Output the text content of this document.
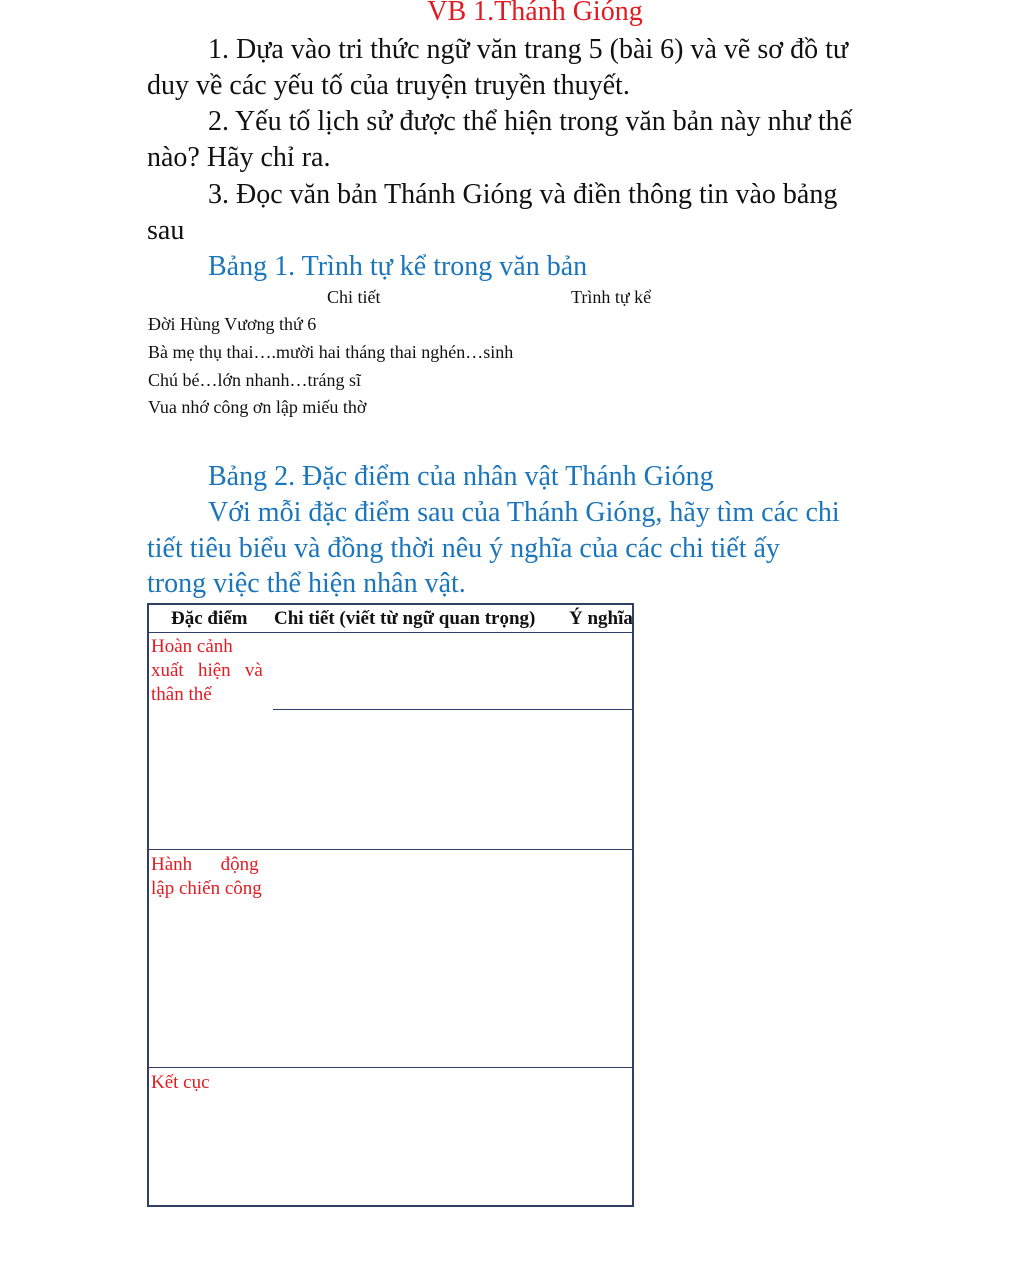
VB 1.Thánh Gióng
1. Dựa vào tri thức ngữ văn trang 5 (bài 6) và vẽ sơ đồ tư
duy về các yếu tố của truyện truyền thuyết.
2. Yếu tố lịch sử được thể hiện trong văn bản này như thế
nào? Hãy chỉ ra.
3. Đọc văn bản Thánh Gióng và điền thông tin vào bảng
sau
Bảng 1. Trình tự kể trong văn bản
Chi tiết	Trình tự kể
Đời Hùng Vương thứ 6
Bà mẹ thụ thai….mười hai tháng thai nghén…sinh
Chú bé…lớn nhanh…tráng sĩ
Vua nhớ công ơn lập miếu thờ
Bảng 2. Đặc điểm của nhân vật Thánh Gióng
Với mỗi đặc điểm sau của Thánh Gióng, hãy tìm các chi
tiết tiêu biểu và đồng thời nêu ý nghĩa của các chi tiết ấy
trong việc thể hiện nhân vật.
Đặc điểm Chi tiết (viết từ ngữ quan trọng) Ý nghĩa
Hoàn cảnh
xuất   hiện   và
thân thế
Hành      động
lập chiến công
Kết cục
